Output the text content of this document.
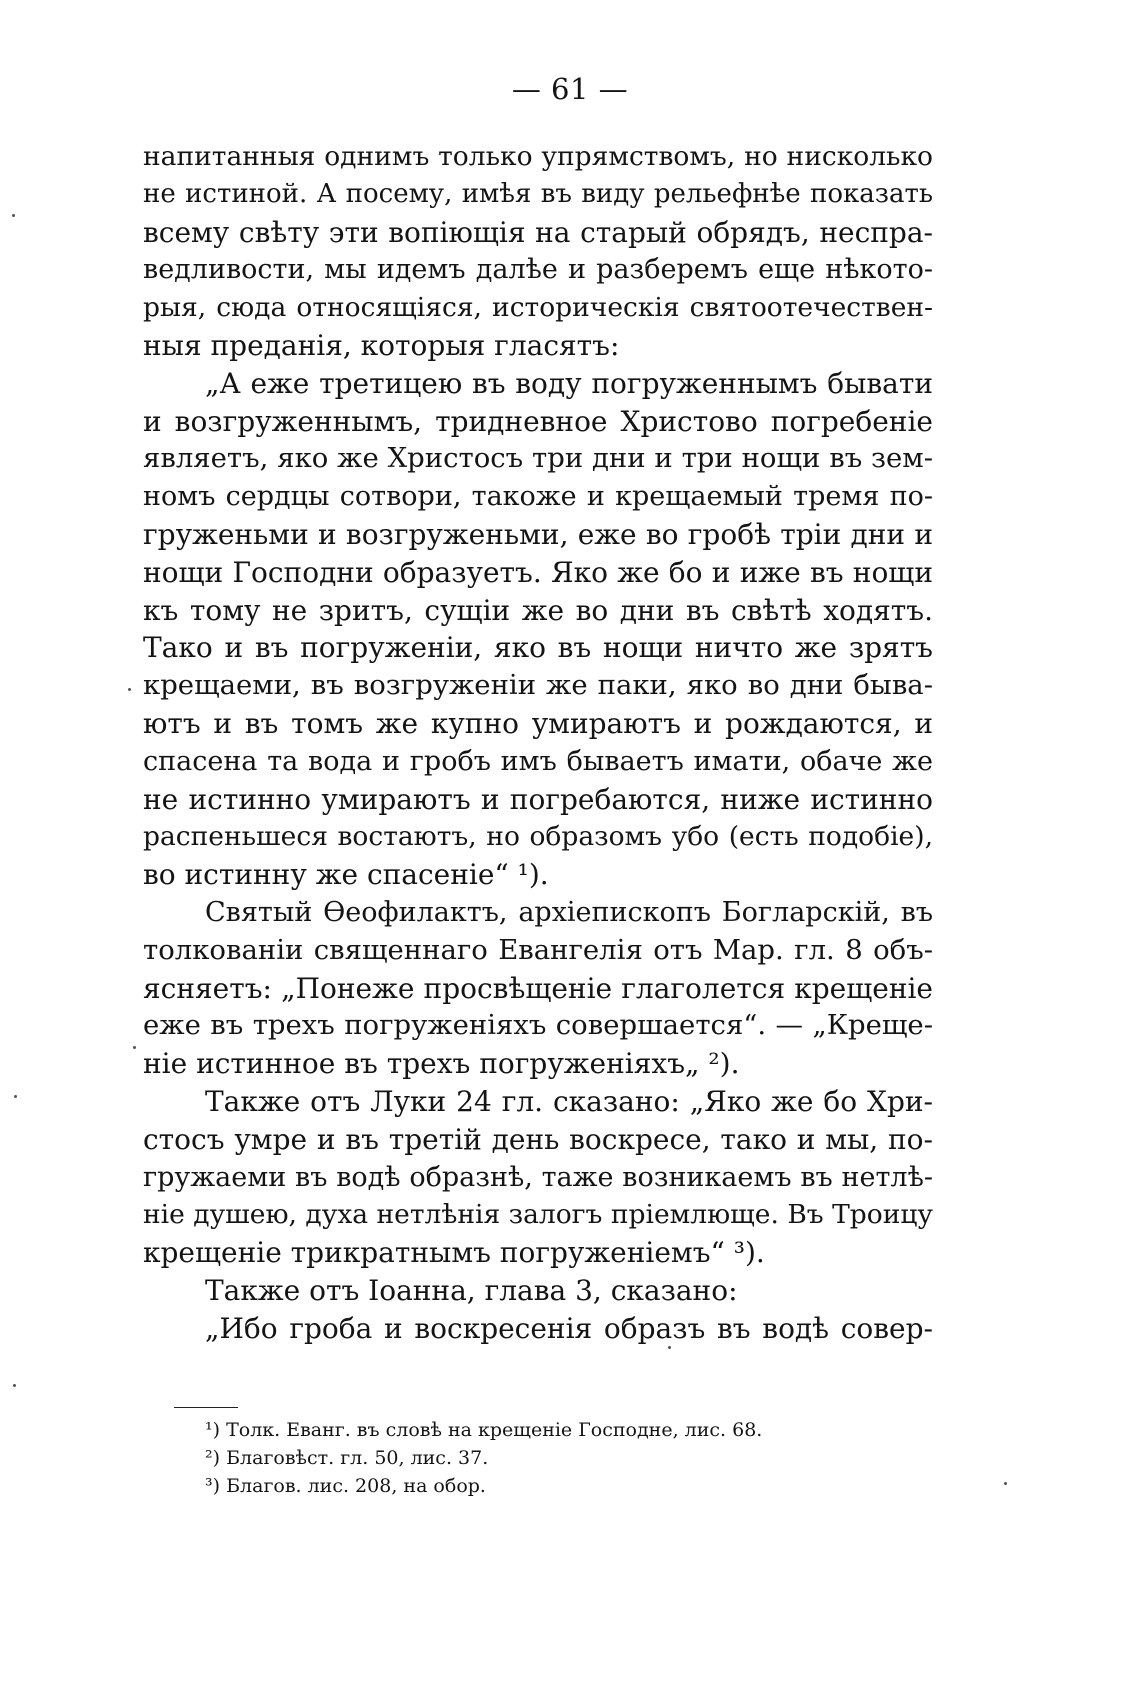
— 61 —
напитанныя однимъ только упрямствомъ, но нисколько
не истиной. А посему, имѣя въ виду рельефнѣе показать
всему свѣту эти вопіющія на старый обрядъ, неспра-
ведливости, мы идемъ далѣе и разберемъ еще нѣкото-
рыя, сюда относящіяся, историческія святоотечествен-
ныя преданія, которыя гласятъ:
„А еже третицею въ воду погруженнымъ бывати
и возгруженнымъ, тридневное Христово погребеніе
являетъ, яко же Христосъ три дни и три нощи въ зем-
номъ сердцы сотвори, такоже и крещаемый тремя по-
груженьми и возгруженьми, еже во гробѣ тріи дни и
нощи Господни образуетъ. Яко же бо и иже въ нощи
къ тому не зритъ, сущіи же во дни въ свѣтѣ ходятъ.
Тако и въ погруженіи, яко въ нощи ничто же зрятъ
крещаеми, въ возгруженіи же паки, яко во дни бывa-
ютъ и въ томъ же купно умираютъ и рождаются, и
спасена та вода и гробъ имъ бываетъ имати, обаче же
не истинно умираютъ и погребаются, ниже истинно
распеньшеся востаютъ, но образомъ убо (есть подобіе),
во истинну же спасеніе“ ¹).
Святый Ѳеофилактъ, архіепископъ Богларскій, въ
толкованіи священнаго Евангелія отъ Мар. гл. 8 объ-
ясняетъ: „Понеже просвѣщеніе глаголется крещеніе
еже въ трехъ погруженіяхъ совершается“. — „Креще-
ніе истинное въ трехъ погруженіяхъ„ ²).
Также отъ Луки 24 гл. сказано: „Яко же бо Хри-
стосъ умре и въ третій день воскресе, тако и мы, по-
гружаеми въ водѣ образнѣ, таже возникаемъ въ нетлѣ-
ніе душею, духа нетлѣнія залогъ пріемлюще. Въ Троицу
крещеніе трикратнымъ погруженіемъ“ ³).
Также отъ Іоанна, глава 3, сказано:
„Ибо гроба и воскресенія образъ въ водѣ совер-
¹) Толк. Еванг. въ словѣ на крещеніе Господне, лис. 68.
²) Благовѣст. гл. 50, лис. 37.
³) Благов. лис. 208, на обор.
